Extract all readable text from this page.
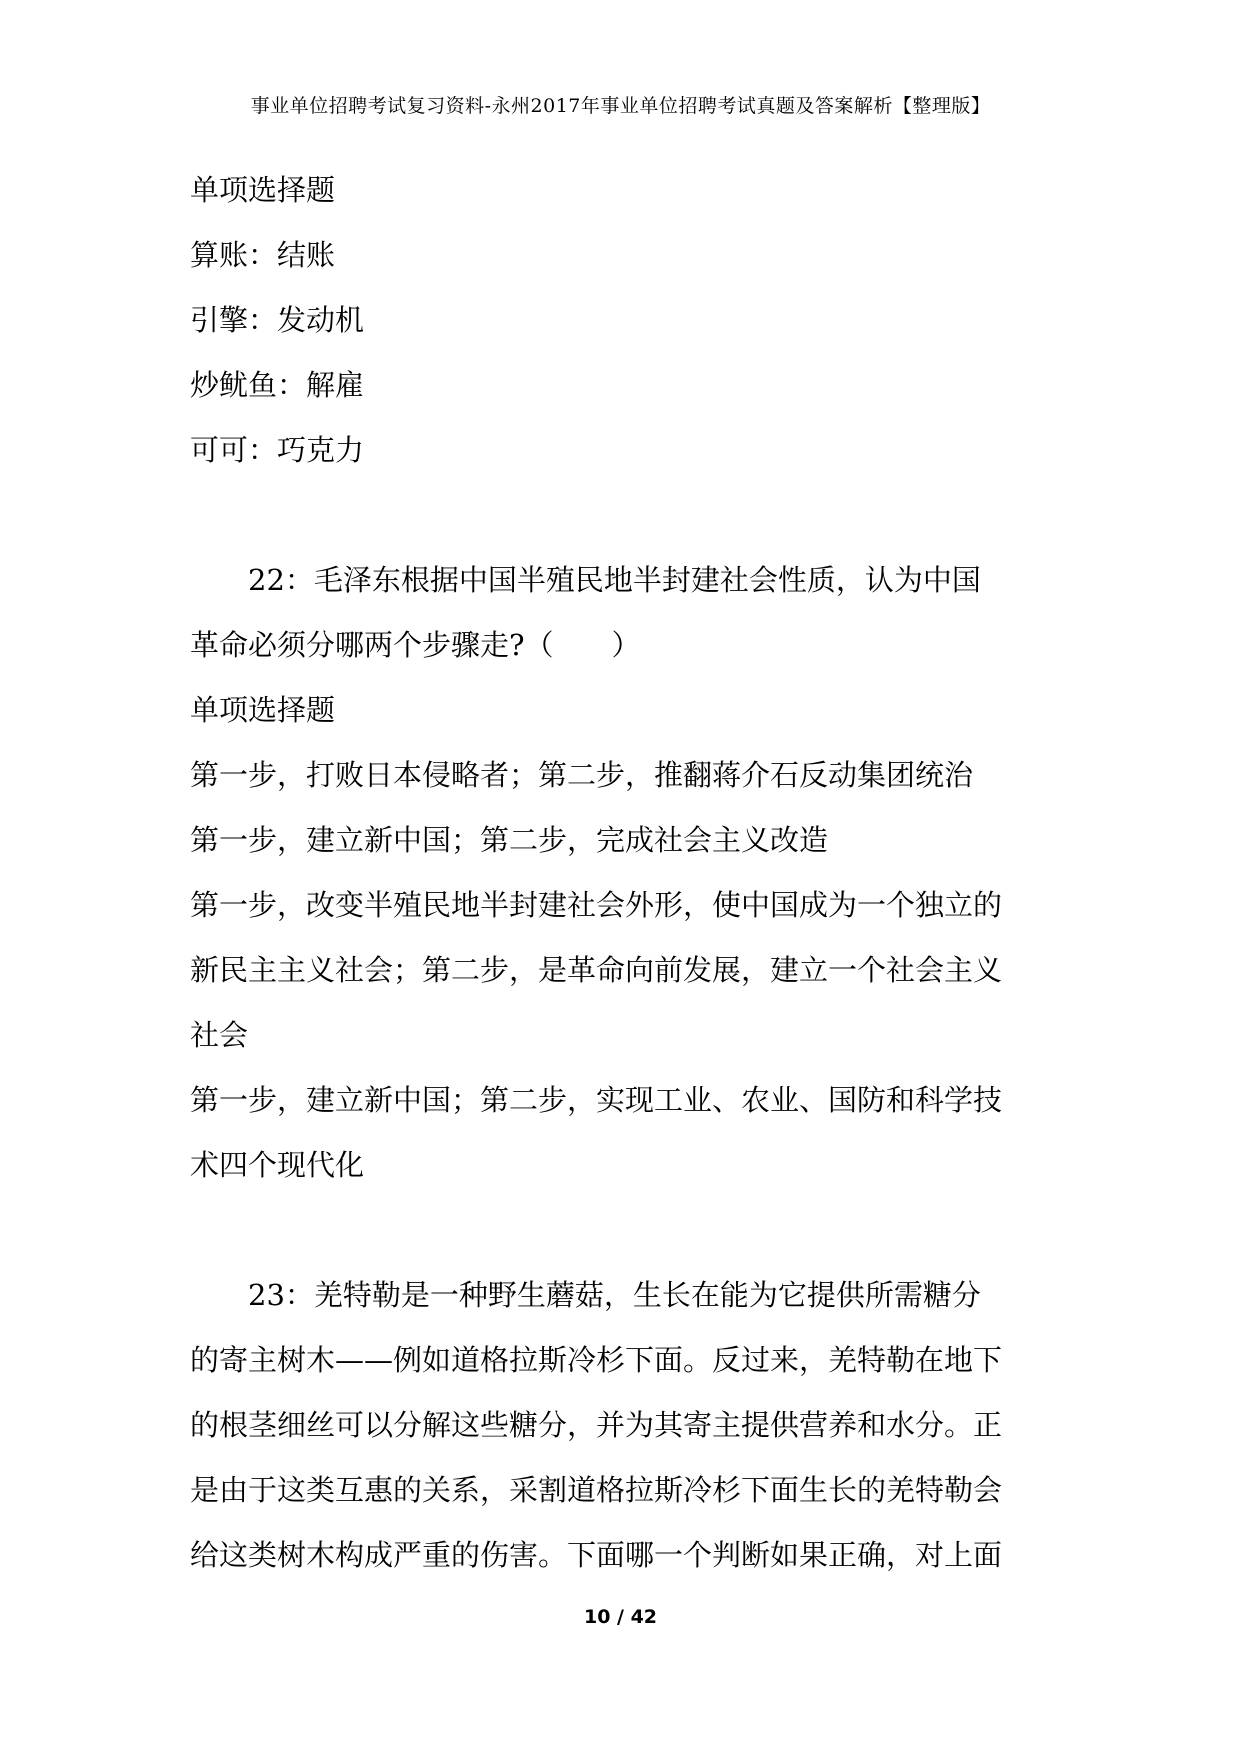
事业单位招聘考试复习资料-永州2017年事业单位招聘考试真题及答案解析【整理版】
单项选择题
算账：结账
引擎：发动机
炒鱿鱼：解雇
可可：巧克力
22：毛泽东根据中国半殖民地半封建社会性质，认为中国
革命必须分哪两个步骤走?（　　）
单项选择题
第一步，打败日本侵略者；第二步，推翻蒋介石反动集团统治
第一步，建立新中国；第二步，完成社会主义改造
第一步，改变半殖民地半封建社会外形，使中国成为一个独立的
新民主主义社会；第二步，是革命向前发展，建立一个社会主义
社会
第一步，建立新中国；第二步，实现工业、农业、国防和科学技
术四个现代化
23：羌特勒是一种野生蘑菇，生长在能为它提供所需糖分
的寄主树木——例如道格拉斯冷杉下面。反过来，羌特勒在地下
的根茎细丝可以分解这些糖分，并为其寄主提供营养和水分。正
是由于这类互惠的关系，采割道格拉斯冷杉下面生长的羌特勒会
给这类树木构成严重的伤害。下面哪一个判断如果正确，对上面
10 / 42
